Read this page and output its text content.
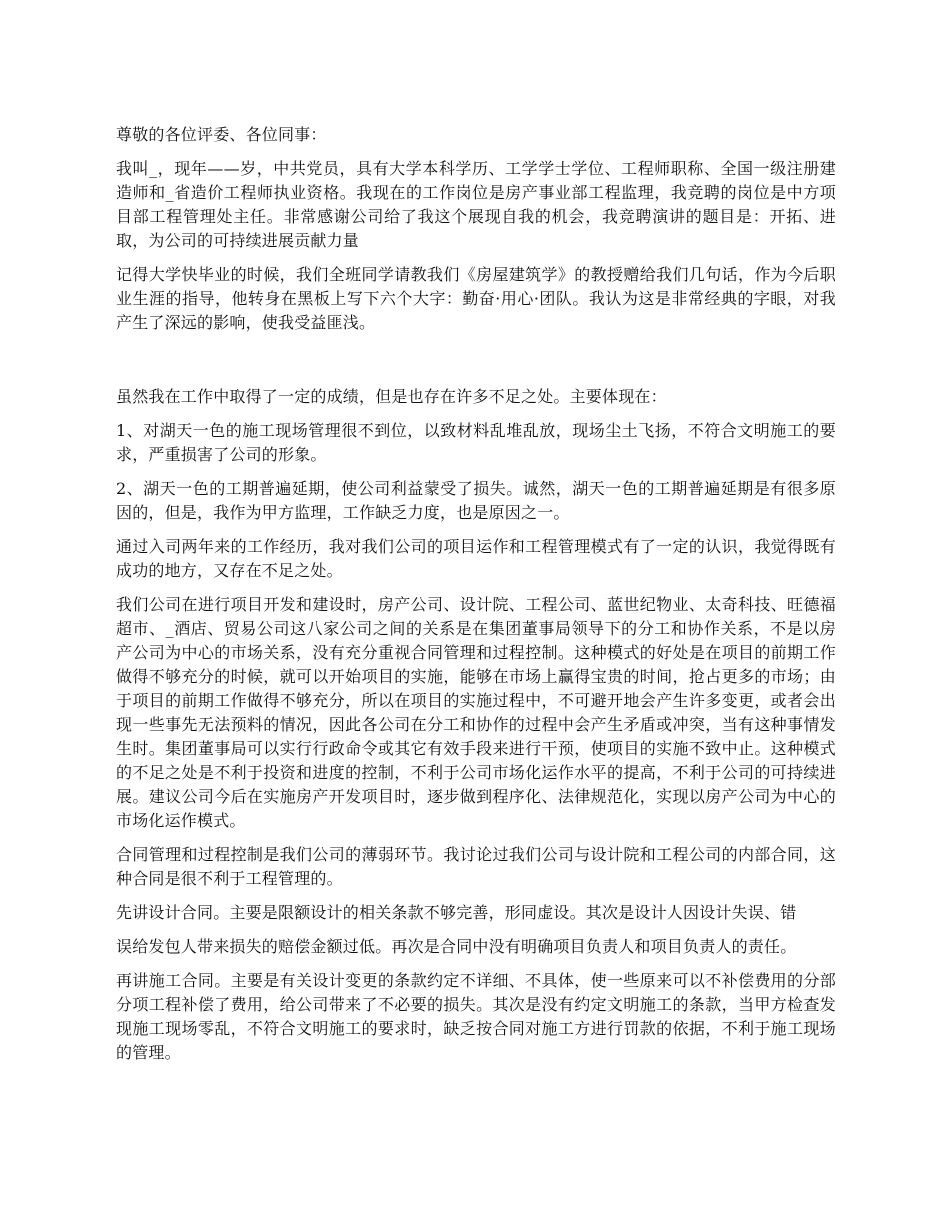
尊敬的各位评委、各位同事：

我叫_，现年——岁，中共党员，具有大学本科学历、工学学士学位、工程师职称、全国一级注册建造师和_省造价工程师执业资格。我现在的工作岗位是房产事业部工程监理，我竞聘的岗位是中方项目部工程管理处主任。非常感谢公司给了我这个展现自我的机会，我竞聘演讲的题目是：开拓、进取，为公司的可持续进展贡献力量

记得大学快毕业的时候，我们全班同学请教我们《房屋建筑学》的教授赠给我们几句话，作为今后职业生涯的指导，他转身在黑板上写下六个大字：勤奋·用心·团队。我认为这是非常经典的字眼，对我产生了深远的影响，使我受益匪浅。

虽然我在工作中取得了一定的成绩，但是也存在许多不足之处。主要体现在：

1、对湖天一色的施工现场管理很不到位，以致材料乱堆乱放，现场尘土飞扬，不符合文明施工的要求，严重损害了公司的形象。

2、湖天一色的工期普遍延期，使公司利益蒙受了损失。诚然，湖天一色的工期普遍延期是有很多原因的，但是，我作为甲方监理，工作缺乏力度，也是原因之一。

通过入司两年来的工作经历，我对我们公司的项目运作和工程管理模式有了一定的认识，我觉得既有成功的地方，又存在不足之处。

我们公司在进行项目开发和建设时，房产公司、设计院、工程公司、蓝世纪物业、太奇科技、旺德福超市、_酒店、贸易公司这八家公司之间的关系是在集团董事局领导下的分工和协作关系，不是以房产公司为中心的市场关系，没有充分重视合同管理和过程控制。这种模式的好处是在项目的前期工作做得不够充分的时候，就可以开始项目的实施，能够在市场上赢得宝贵的时间，抢占更多的市场；由于项目的前期工作做得不够充分，所以在项目的实施过程中，不可避开地会产生许多变更，或者会出现一些事先无法预料的情况，因此各公司在分工和协作的过程中会产生矛盾或冲突，当有这种事情发生时。集团董事局可以实行行政命令或其它有效手段来进行干预，使项目的实施不致中止。这种模式的不足之处是不利于投资和进度的控制，不利于公司市场化运作水平的提高，不利于公司的可持续进展。建议公司今后在实施房产开发项目时，逐步做到程序化、法律规范化，实现以房产公司为中心的市场化运作模式。

合同管理和过程控制是我们公司的薄弱环节。我讨论过我们公司与设计院和工程公司的内部合同，这种合同是很不利于工程管理的。

先讲设计合同。主要是限额设计的相关条款不够完善，形同虚设。其次是设计人因设计失误、错

误给发包人带来损失的赔偿金额过低。再次是合同中没有明确项目负责人和项目负责人的责任。

再讲施工合同。主要是有关设计变更的条款约定不详细、不具体，使一些原来可以不补偿费用的分部分项工程补偿了费用，给公司带来了不必要的损失。其次是没有约定文明施工的条款，当甲方检查发现施工现场零乱，不符合文明施工的要求时，缺乏按合同对施工方进行罚款的依据，不利于施工现场的管理。
